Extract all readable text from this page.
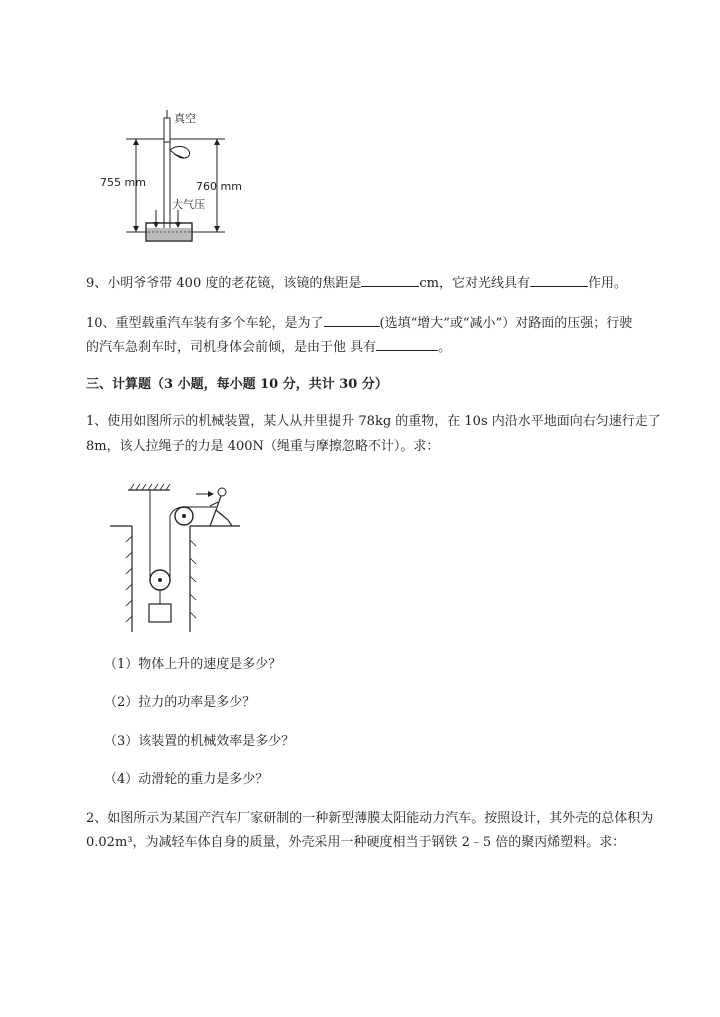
真空
755 mm	760 mm
大气压
9、小明爷爷带 400 度的老花镜，该镜的焦距是	cm，它对光线具有	作用。
10、重型载重汽车装有多个车轮，是为了	(选填“增大”或“减小”）对路面的压强；行驶
的汽车急刹车时，司机身体会前倾，是由于他 具有	。
三、计算题（3 小题，每小题 10 分，共计 30 分）
1、使用如图所示的机械装置，某人从井里提升 78kg 的重物，在 10s 内沿水平地面向右匀速行走了
8m，该人拉绳子的力是 400N（绳重与摩擦忽略不计）。求：
（1）物体上升的速度是多少？
（2）拉力的功率是多少？
（3）该装置的机械效率是多少？
（4）动滑轮的重力是多少？
2、如图所示为某国产汽车厂家研制的一种新型薄膜太阳能动力汽车。按照设计，其外壳的总体积为
0.02m³，为减轻车体自身的质量，外壳采用一种硬度相当于钢铁 2﹣5 倍的聚丙烯塑料。求：
